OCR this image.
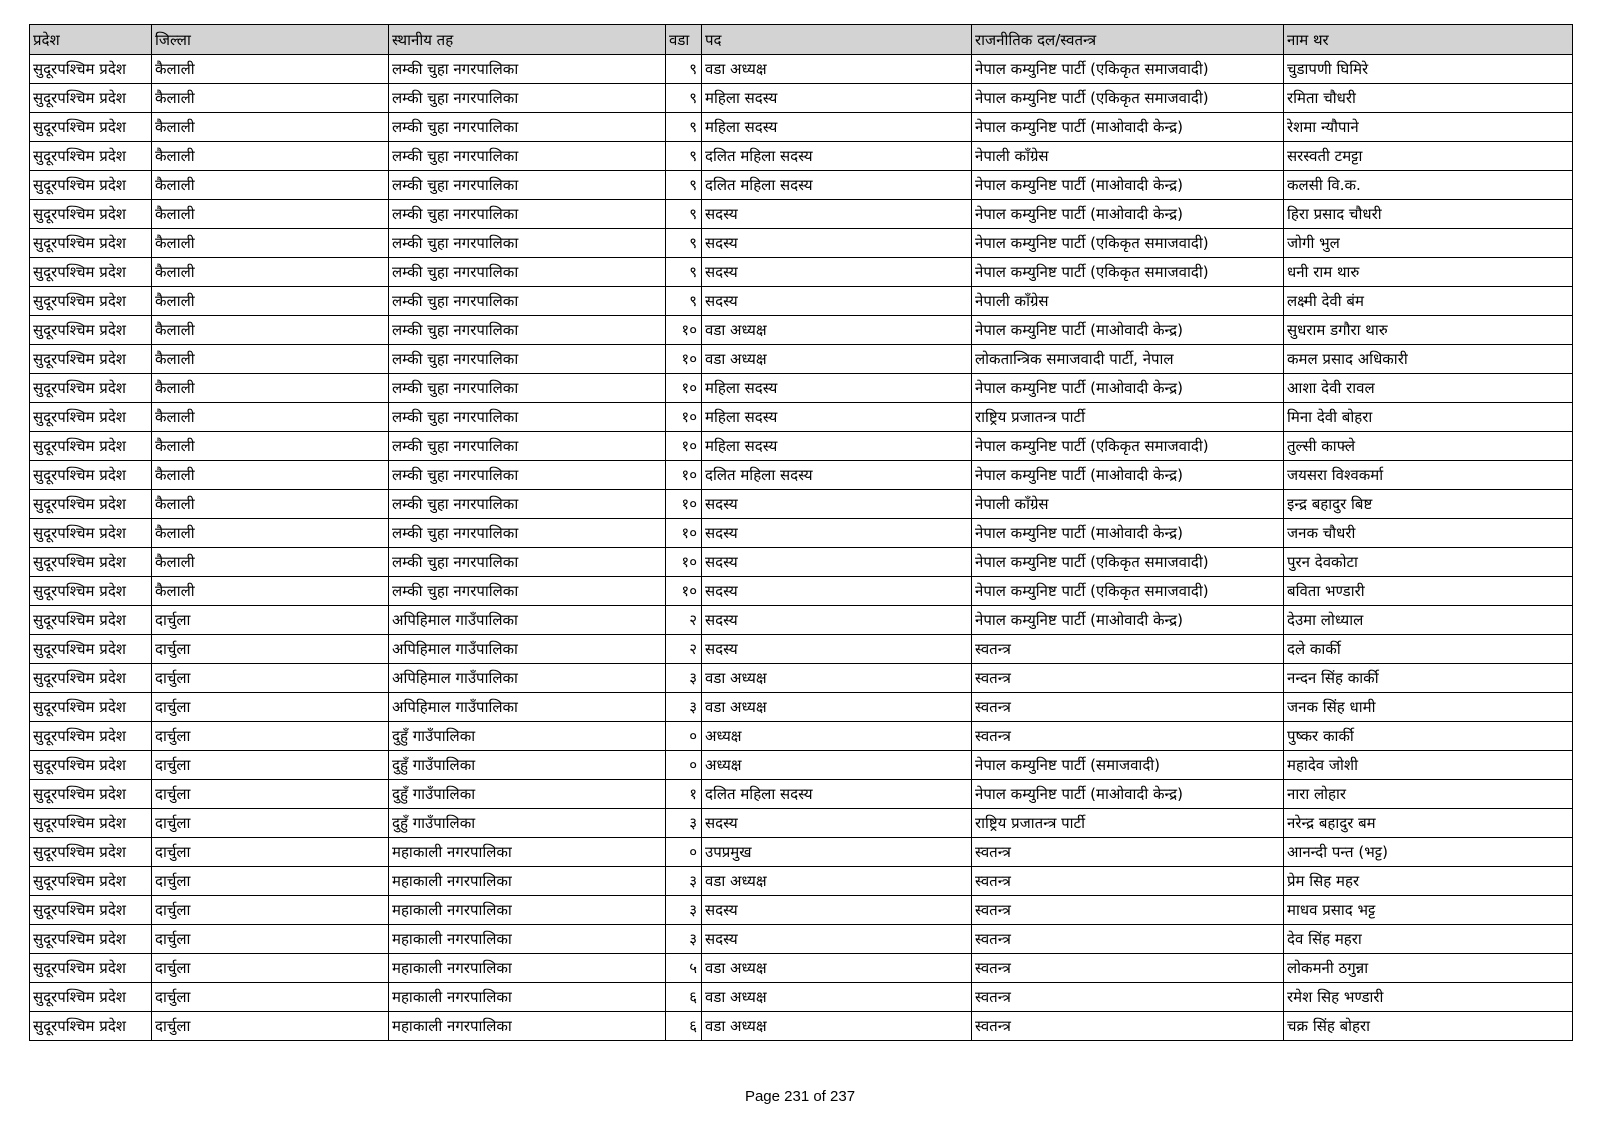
प्रदेश	जिल्ला	स्थानीय तह	वडा	पद	राजनीतिक दल/स्वतन्त्र	नाम थर
सुदूरपश्चिम प्रदेश	कैलाली	लम्की चुहा नगरपालिका	९	वडा अध्यक्ष	नेपाल कम्युनिष्ट पार्टी (एकिकृत समाजवादी)	चुडापणी घिमिरे
सुदूरपश्चिम प्रदेश	कैलाली	लम्की चुहा नगरपालिका	९	महिला सदस्य	नेपाल कम्युनिष्ट पार्टी (एकिकृत समाजवादी)	रमिता चौधरी
सुदूरपश्चिम प्रदेश	कैलाली	लम्की चुहा नगरपालिका	९	महिला सदस्य	नेपाल कम्युनिष्ट पार्टी (माओवादी केन्द्र)	रेशमा न्यौपाने
सुदूरपश्चिम प्रदेश	कैलाली	लम्की चुहा नगरपालिका	९	दलित महिला सदस्य	नेपाली काँग्रेस	सरस्वती टमट्टा
सुदूरपश्चिम प्रदेश	कैलाली	लम्की चुहा नगरपालिका	९	दलित महिला सदस्य	नेपाल कम्युनिष्ट पार्टी (माओवादी केन्द्र)	कलसी वि.क.
सुदूरपश्चिम प्रदेश	कैलाली	लम्की चुहा नगरपालिका	९	सदस्य	नेपाल कम्युनिष्ट पार्टी (माओवादी केन्द्र)	हिरा प्रसाद चौधरी
सुदूरपश्चिम प्रदेश	कैलाली	लम्की चुहा नगरपालिका	९	सदस्य	नेपाल कम्युनिष्ट पार्टी (एकिकृत समाजवादी)	जोगी भुल
सुदूरपश्चिम प्रदेश	कैलाली	लम्की चुहा नगरपालिका	९	सदस्य	नेपाल कम्युनिष्ट पार्टी (एकिकृत समाजवादी)	धनी राम थारु
सुदूरपश्चिम प्रदेश	कैलाली	लम्की चुहा नगरपालिका	९	सदस्य	नेपाली काँग्रेस	लक्ष्मी देवी बंम
सुदूरपश्चिम प्रदेश	कैलाली	लम्की चुहा नगरपालिका	१०	वडा अध्यक्ष	नेपाल कम्युनिष्ट पार्टी (माओवादी केन्द्र)	सुधराम डगौरा थारु
सुदूरपश्चिम प्रदेश	कैलाली	लम्की चुहा नगरपालिका	१०	वडा अध्यक्ष	लोकतान्त्रिक समाजवादी पार्टी, नेपाल	कमल प्रसाद अधिकारी
सुदूरपश्चिम प्रदेश	कैलाली	लम्की चुहा नगरपालिका	१०	महिला सदस्य	नेपाल कम्युनिष्ट पार्टी (माओवादी केन्द्र)	आशा देवी रावल
सुदूरपश्चिम प्रदेश	कैलाली	लम्की चुहा नगरपालिका	१०	महिला सदस्य	राष्ट्रिय प्रजातन्त्र पार्टी	मिना देवी बोहरा
सुदूरपश्चिम प्रदेश	कैलाली	लम्की चुहा नगरपालिका	१०	महिला सदस्य	नेपाल कम्युनिष्ट पार्टी (एकिकृत समाजवादी)	तुल्सी काफ्ले
सुदूरपश्चिम प्रदेश	कैलाली	लम्की चुहा नगरपालिका	१०	दलित महिला सदस्य	नेपाल कम्युनिष्ट पार्टी (माओवादी केन्द्र)	जयसरा विश्वकर्मा
सुदूरपश्चिम प्रदेश	कैलाली	लम्की चुहा नगरपालिका	१०	सदस्य	नेपाली काँग्रेस	इन्द्र बहादुर बिष्ट
सुदूरपश्चिम प्रदेश	कैलाली	लम्की चुहा नगरपालिका	१०	सदस्य	नेपाल कम्युनिष्ट पार्टी (माओवादी केन्द्र)	जनक चौधरी
सुदूरपश्चिम प्रदेश	कैलाली	लम्की चुहा नगरपालिका	१०	सदस्य	नेपाल कम्युनिष्ट पार्टी (एकिकृत समाजवादी)	पुरन देवकोटा
सुदूरपश्चिम प्रदेश	कैलाली	लम्की चुहा नगरपालिका	१०	सदस्य	नेपाल कम्युनिष्ट पार्टी (एकिकृत समाजवादी)	बविता भण्डारी
सुदूरपश्चिम प्रदेश	दार्चुला	अपिहिमाल गाउँपालिका	२	सदस्य	नेपाल कम्युनिष्ट पार्टी (माओवादी केन्द्र)	देउमा लोध्याल
सुदूरपश्चिम प्रदेश	दार्चुला	अपिहिमाल गाउँपालिका	२	सदस्य	स्वतन्त्र	दले कार्की
सुदूरपश्चिम प्रदेश	दार्चुला	अपिहिमाल गाउँपालिका	३	वडा अध्यक्ष	स्वतन्त्र	नन्दन सिंह कार्की
सुदूरपश्चिम प्रदेश	दार्चुला	अपिहिमाल गाउँपालिका	३	वडा अध्यक्ष	स्वतन्त्र	जनक सिंह धामी
सुदूरपश्चिम प्रदेश	दार्चुला	दुहुँ गाउँपालिका	०	अध्यक्ष	स्वतन्त्र	पुष्कर कार्की
सुदूरपश्चिम प्रदेश	दार्चुला	दुहुँ गाउँपालिका	०	अध्यक्ष	नेपाल कम्युनिष्ट पार्टी (समाजवादी)	महादेव जोशी
सुदूरपश्चिम प्रदेश	दार्चुला	दुहुँ गाउँपालिका	१	दलित महिला सदस्य	नेपाल कम्युनिष्ट पार्टी (माओवादी केन्द्र)	नारा लोहार
सुदूरपश्चिम प्रदेश	दार्चुला	दुहुँ गाउँपालिका	३	सदस्य	राष्ट्रिय प्रजातन्त्र पार्टी	नरेन्द्र बहादुर बम
सुदूरपश्चिम प्रदेश	दार्चुला	महाकाली नगरपालिका	०	उपप्रमुख	स्वतन्त्र	आनन्दी पन्त (भट्ट)
सुदूरपश्चिम प्रदेश	दार्चुला	महाकाली नगरपालिका	३	वडा अध्यक्ष	स्वतन्त्र	प्रेम सिह महर
सुदूरपश्चिम प्रदेश	दार्चुला	महाकाली नगरपालिका	३	सदस्य	स्वतन्त्र	माधव प्रसाद भट्ट
सुदूरपश्चिम प्रदेश	दार्चुला	महाकाली नगरपालिका	३	सदस्य	स्वतन्त्र	देव सिंह महरा
सुदूरपश्चिम प्रदेश	दार्चुला	महाकाली नगरपालिका	५	वडा अध्यक्ष	स्वतन्त्र	लोकमनी ठगुन्ना
सुदूरपश्चिम प्रदेश	दार्चुला	महाकाली नगरपालिका	६	वडा अध्यक्ष	स्वतन्त्र	रमेश सिह भण्डारी
सुदूरपश्चिम प्रदेश	दार्चुला	महाकाली नगरपालिका	६	वडा अध्यक्ष	स्वतन्त्र	चक्र सिंह बोहरा
Page 231 of 237
